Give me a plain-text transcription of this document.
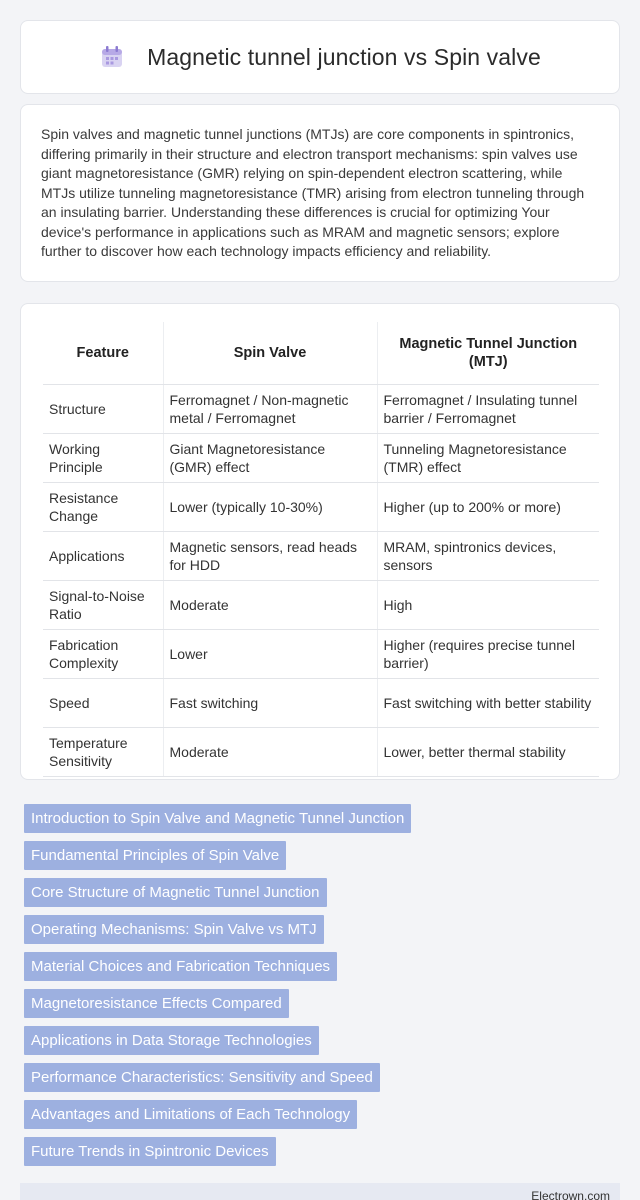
Magnetic tunnel junction vs Spin valve

Spin valves and magnetic tunnel junctions (MTJs) are core components in spintronics, differing primarily in their structure and electron transport mechanisms: spin valves use giant magnetoresistance (GMR) relying on spin-dependent electron scattering, while MTJs utilize tunneling magnetoresistance (TMR) arising from electron tunneling through an insulating barrier. Understanding these differences is crucial for optimizing Your device's performance in applications such as MRAM and magnetic sensors; explore further to discover how each technology impacts efficiency and reliability.

Feature	Spin Valve	Magnetic Tunnel Junction (MTJ)
Structure	Ferromagnet / Non-magnetic metal / Ferromagnet	Ferromagnet / Insulating tunnel barrier / Ferromagnet
Working Principle	Giant Magnetoresistance (GMR) effect	Tunneling Magnetoresistance (TMR) effect
Resistance Change	Lower (typically 10-30%)	Higher (up to 200% or more)
Applications	Magnetic sensors, read heads for HDD	MRAM, spintronics devices, sensors
Signal-to-Noise Ratio	Moderate	High
Fabrication Complexity	Lower	Higher (requires precise tunnel barrier)
Speed	Fast switching	Fast switching with better stability
Temperature Sensitivity	Moderate	Lower, better thermal stability
Introduction to Spin Valve and Magnetic Tunnel Junction
Fundamental Principles of Spin Valve
Core Structure of Magnetic Tunnel Junction
Operating Mechanisms: Spin Valve vs MTJ
Material Choices and Fabrication Techniques
Magnetoresistance Effects Compared
Applications in Data Storage Technologies
Performance Characteristics: Sensitivity and Speed
Advantages and Limitations of Each Technology
Future Trends in Spintronic Devices
Electrown.com
